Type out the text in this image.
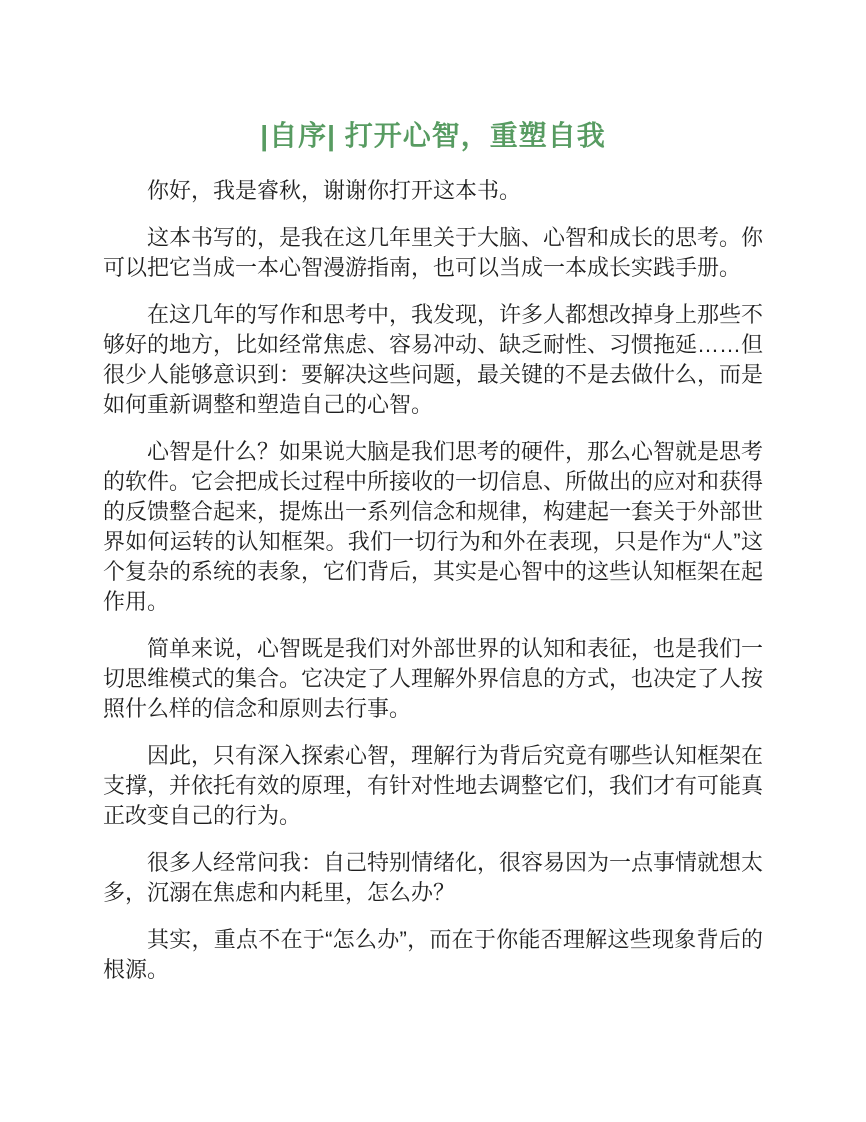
|自序| 打开心智，重塑自我

你好，我是睿秋，谢谢你打开这本书。

这本书写的，是我在这几年里关于大脑、心智和成长的思考。你可以把它当成一本心智漫游指南，也可以当成一本成长实践手册。

在这几年的写作和思考中，我发现，许多人都想改掉身上那些不够好的地方，比如经常焦虑、容易冲动、缺乏耐性、习惯拖延……但很少人能够意识到：要解决这些问题，最关键的不是去做什么，而是如何重新调整和塑造自己的心智。

心智是什么？如果说大脑是我们思考的硬件，那么心智就是思考的软件。它会把成长过程中所接收的一切信息、所做出的应对和获得的反馈整合起来，提炼出一系列信念和规律，构建起一套关于外部世界如何运转的认知框架。我们一切行为和外在表现，只是作为“人”这个复杂的系统的表象，它们背后，其实是心智中的这些认知框架在起作用。

简单来说，心智既是我们对外部世界的认知和表征，也是我们一切思维模式的集合。它决定了人理解外界信息的方式，也决定了人按照什么样的信念和原则去行事。

因此，只有深入探索心智，理解行为背后究竟有哪些认知框架在支撑，并依托有效的原理，有针对性地去调整它们，我们才有可能真正改变自己的行为。

很多人经常问我：自己特别情绪化，很容易因为一点事情就想太多，沉溺在焦虑和内耗里，怎么办？

其实，重点不在于“怎么办”，而在于你能否理解这些现象背后的根源。
